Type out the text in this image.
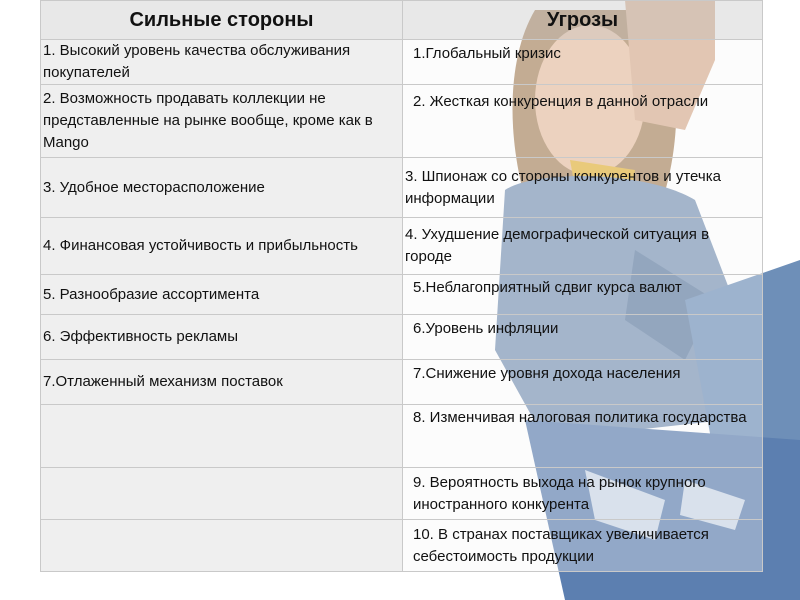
Сильные стороны	Угрозы
1. Высокий уровень качества обслуживания покупателей	1.Глобальный кризис

2. Возможность продавать коллекции не представленные на рынке вообще, кроме как в Mango	2. Жесткая конкуренция в данной отрасли

3. Удобное месторасположение	3. Шпионаж со стороны конкурентов и утечка информации

4. Финансовая устойчивость и прибыльность	4. Ухудшение демографической ситуация в городе

5. Разнообразие ассортимента	5.Неблагоприятный сдвиг курса валют

6. Эффективность рекламы	6.Уровень инфляции

7.Отлаженный механизм поставок	7.Снижение уровня дохода населения

	8. Изменчивая налоговая политика государства

	9. Вероятность выхода на рынок крупного иностранного конкурента

	10. В странах поставщиках увеличивается себестоимость продукции
